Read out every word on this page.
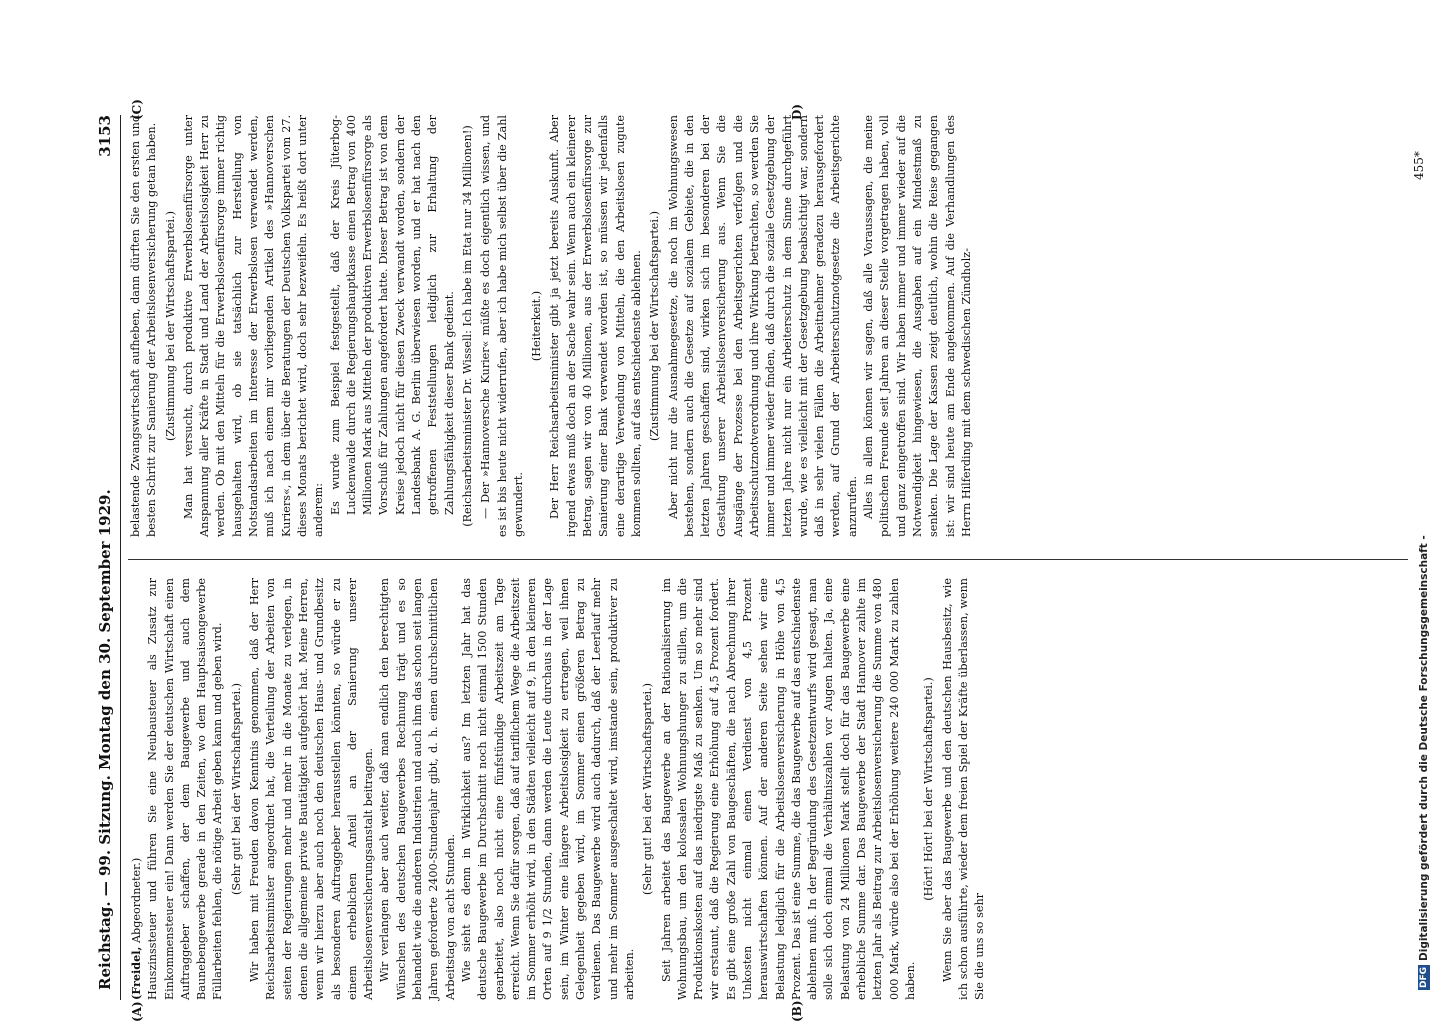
Reichstag. — 99. Sitzung. Montag den 30. September 1929.
3153

(Freidel, Abgeordneter.) Hauszinssteuer und führen Sie eine Neubausteuer als Zusatz zur Einkommensteuer ein! Dann werden Sie der deutschen Wirtschaft einen Auftraggeber schaffen, der dem Baugewerbe und auch dem Baunebengewerbe gerade in den Zeiten, wo dem Hauptsaisongewerbe Füllarbeiten fehlen, die nötige Arbeit geben kann und geben wird. (Sehr gut! bei der Wirtschaftspartei.) Wir haben mit Freuden davon Kenntnis genommen, daß der Herr Reichsarbeitsminister angeordnet hat, die Verteilung der Arbeiten von seiten der Regierungen mehr und mehr in die Monate zu verlegen, in denen die allgemeine private Bautätigkeit aufgehört hat. Meine Herren, wenn wir hierzu aber auch noch den deutschen Haus- und Grundbesitz als besonderen Auftraggeber herausstellen könnten, so würde er zu einem erheblichen Anteil an der Sanierung unserer Arbeitslosenversicherungsanstalt beitragen. Wir verlangen aber auch weiter, daß man endlich den berechtigten Wünschen des deutschen Baugewerbes Rechnung trägt und es so behandelt wie die anderen Industrien und auch ihm das schon seit langen Jahren geforderte 2400-Stundenjahr gibt, d. h. einen durchschnittlichen Arbeitstag von acht Stunden. Wie sieht es denn in Wirklichkeit aus? Im letzten Jahr hat das deutsche Baugewerbe im Durchschnitt noch nicht einmal 1500 Stunden gearbeitet, also noch nicht eine fünfstündige Arbeitszeit am Tage erreicht. Wenn Sie dafür sorgen, daß auf tariflichem Wege die Arbeitszeit im Sommer erhöht wird, in den Städten vielleicht auf 9, in den kleineren Orten auf 9 1/2 Stunden, dann werden die Leute durchaus in der Lage sein, im Winter eine längere Arbeitslosigkeit zu ertragen, weil ihnen Gelegenheit gegeben wird, im Sommer einen größeren Betrag zu verdienen. Das Baugewerbe wird auch dadurch, daß der Leerlauf mehr und mehr im Sommer ausgeschaltet wird, imstande sein, produktiver zu arbeiten.

(Sehr gut! bei der Wirtschaftspartei.) Seit Jahren arbeitet das Baugewerbe an der Rationalisierung im Wohnungsbau, um den kolossalen Wohnungshunger zu stillen, um die Produktionskosten auf das niedrigste Maß zu senken. Um so mehr sind wir erstaunt, daß die Regierung eine Erhöhung auf 4,5 Prozent fordert. Es gibt eine große Zahl von Baugeschäften, die nach Abrechnung ihrer Unkosten nicht einmal einen Verdienst von 4,5 Prozent herauswirtschaften können. Auf der anderen Seite sehen wir eine Belastung lediglich für die Arbeitslosenversicherung in Höhe von 4,5 Prozent. Das ist eine Summe, die das Baugewerbe auf das entschiedenste ablehnen muß. In der Begründung des Gesetzentwurfs wird gesagt, man solle sich doch einmal die Verhältniszahlen vor Augen halten. Ja, eine Belastung von 24 Millionen Mark stellt doch für das Baugewerbe eine erhebliche Summe dar. Das Baugewerbe der Stadt Hannover zahlte im letzten Jahr als Beitrag zur Arbeitslosenversicherung die Summe von 480 000 Mark, würde also bei der Erhöhung weitere 240 000 Mark zu zahlen haben.

(Hört! Hört! bei der Wirtschaftspartei.) Wenn Sie aber das Baugewerbe und den deutschen Hausbesitz, wie ich schon ausführte, wieder dem freien Spiel der Kräfte überlassen, wenn Sie die uns so sehr

belastende Zwangswirtschaft aufheben, dann dürften Sie den ersten und besten Schritt zur Sanierung der Arbeitslosenversicherung getan haben. (Zustimmung bei der Wirtschaftspartei.) Man hat versucht, durch produktive Erwerbslosenfürsorge unter Anspannung aller Kräfte in Stadt und Land der Arbeitslosigkeit Herr zu werden. Ob mit den Mitteln für die Erwerbslosenfürsorge immer richtig hausgehalten wird, ob sie tatsächlich zur Herstellung von Notstandsarbeiten im Interesse der Erwerbslosen verwendet werden, muß ich nach einem mir vorliegenden Artikel des »Hannoverschen Kuriers«, in dem über die Beratungen der Deutschen Volkspartei vom 27. dieses Monats berichtet wird, doch sehr bezweifeln. Es heißt dort unter anderem: Es wurde zum Beispiel festgestellt, daß der Kreis Jüterbog-Luckenwalde durch die Regierungshauptkasse einen Betrag von 400 Millionen Mark aus Mitteln der produktiven Erwerbslosenfürsorge als Vorschuß für Zahlungen angefordert hatte. Dieser Betrag ist von dem Kreise jedoch nicht für diesen Zweck verwandt worden, sondern der Landesbank A. G. Berlin überwiesen worden, und er hat nach den getroffenen Feststellungen lediglich zur Erhaltung der Zahlungsfähigkeit dieser Bank gedient. (Reichsarbeitsminister Dr. Wissell: Ich habe im Etat nur 34 Millionen!) — Der »Hannoversche Kurier« müßte es doch eigentlich wissen, und es ist bis heute nicht widerrufen, aber ich habe mich selbst über die Zahl gewundert.

(Heiterkeit.) Der Herr Reichsarbeitsminister gibt ja jetzt bereits Auskunft. Aber irgend etwas muß doch an der Sache wahr sein. Wenn auch ein kleinerer Betrag, sagen wir von 40 Millionen, aus der Erwerbslosenfürsorge zur Sanierung einer Bank verwendet worden ist, so müssen wir jedenfalls eine derartige Verwendung von Mitteln, die den Arbeitslosen zugute kommen sollten, auf das entschiedenste ablehnen. (Zustimmung bei der Wirtschaftspartei.) Aber nicht nur die Ausnahmegesetze, die noch im Wohnungswesen bestehen, sondern auch die Gesetze auf sozialem Gebiete, die in den letzten Jahren geschaffen sind, wirken sich im besonderen bei der Gestaltung unserer Arbeitslosenversicherung aus. Wenn Sie die Ausgänge der Prozesse bei den Arbeitsgerichten verfolgen und die Arbeitsschutznotverordnung und ihre Wirkung betrachten, so werden Sie immer und immer wieder finden, daß durch die soziale Gesetzgebung der letzten Jahre nicht nur ein Arbeiterschutz in dem Sinne durchgeführt wurde, wie es vielleicht mit der Gesetzgebung beabsichtigt war, sondern daß in sehr vielen Fällen die Arbeitnehmer geradezu herausgefordert werden, auf Grund der Arbeiterschutznotgesetze die Arbeitsgerichte anzurufen. Alles in allem können wir sagen, daß alle Voraussagen, die meine politischen Freunde seit Jahren an dieser Stelle vorgetragen haben, voll und ganz eingetroffen sind. Wir haben immer und immer wieder auf die Notwendigkeit hingewiesen, die Ausgaben auf ein Mindestmaß zu senken. Die Lage der Kassen zeigt deutlich, wohin die Reise gegangen ist: wir sind heute am Ende angekommen. Auf die Verhandlungen des Herrn Hilferding mit dem schwedischen Zündholz-

(A)	(B)
(C)	D)
455*
DFG
Digitalisierung gefördert durch die Deutsche Forschungsgemeinschaft -
